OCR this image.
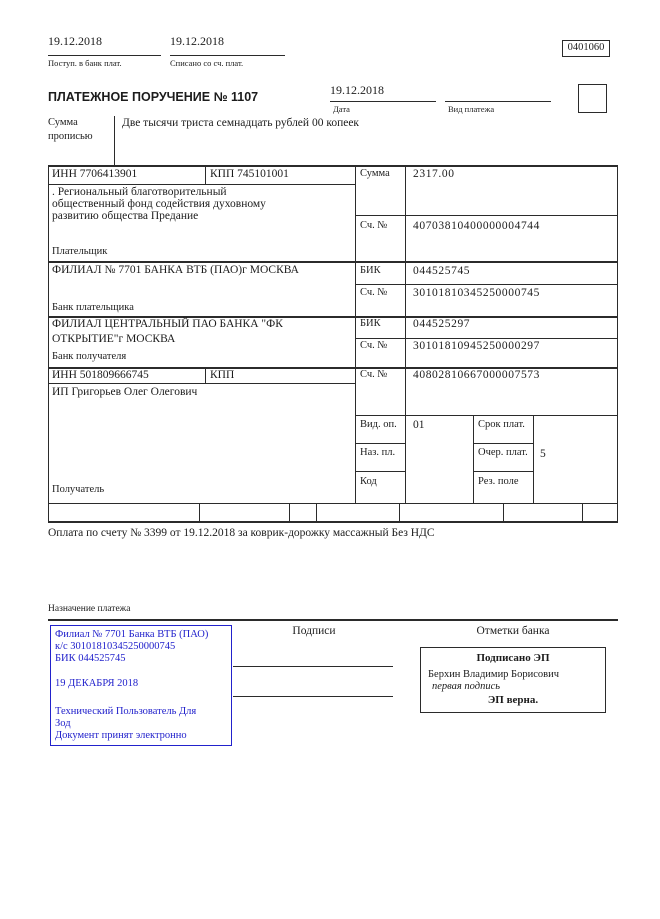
19.12.2018
Поступ. в банк плат.
19.12.2018
Списано со сч. плат.
0401060
ПЛАТЕЖНОЕ ПОРУЧЕНИЕ № 1107	19.12.2018
Дата	Вид платежа
Сумма
прописью
Две тысячи триста семнадцать рублей 00 копеек
ИНН 7706413901	КПП 745101001	Сумма 2317.00
. Региональный благотворительный общественный фонд содействия духовному развитию общества Предание
Сч. № 40703810400000004744
Плательщик
ФИЛИАЛ № 7701 БАНКА ВТБ (ПАО)г МОСКВА	БИК	044525745
Сч. № 30101810345250000745
Банк плательщика
ФИЛИАЛ ЦЕНТРАЛЬНЫЙ ПАО БАНКА "ФК ОТКРЫТИЕ"г МОСКВА
БИК	044525297
Сч. № 30101810945250000297
Банк получателя
ИНН 501809666745	КПП	Сч. № 40802810667000007573
ИП Григорьев Олег Олегович
Получатель
Вид. оп. 01	Срок плат.
Наз. пл.	Очер. плат. 5
Код	Рез. поле
Оплата по счету № 3399 от 19.12.2018 за коврик-дорожку массажный Без НДС
Назначение платежа
Филиал № 7701 Банка ВТБ (ПАО)
к/с 30101810345250000745
БИК 044525745
19 ДЕКАБРЯ 2018
Технический Пользователь Для
Зод
Документ принят электронно
Подписи	Отметки банка
Подписано ЭП
Берхин Владимир Борисович
первая подпись
ЭП верна.
